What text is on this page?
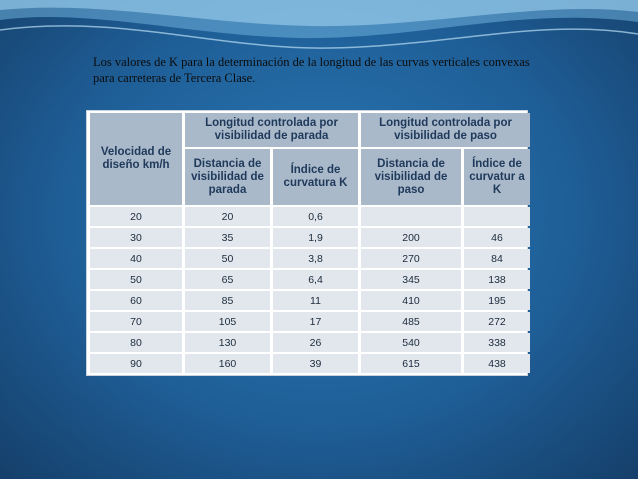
Los valores de K para la determinación de la longitud de las curvas verticales convexas para carreteras de Tercera Clase.
Velocidad de diseño km/h	Longitud controlada por visibilidad de parada		Longitud controlada por visibilidad de paso	
	Distancia de visibilidad de parada	Índice de curvatura K	Distancia de visibilidad de paso	Índice de curvatur a K
20	20	0,6		
30	35	1,9	200	46
40	50	3,8	270	84
50	65	6,4	345	138
60	85	11	410	195
70	105	17	485	272
80	130	26	540	338
90	160	39	615	438
